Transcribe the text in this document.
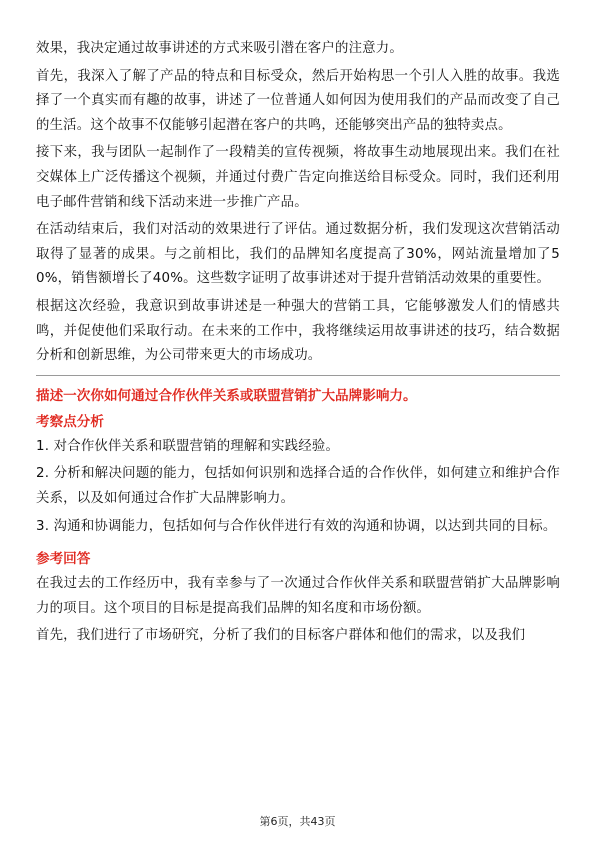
效果，我决定通过故事讲述的方式来吸引潜在客户的注意力。

首先，我深入了解了产品的特点和目标受众，然后开始构思一个引人入胜的故事。我选择了一个真实而有趣的故事，讲述了一位普通人如何因为使用我们的产品而改变了自己的生活。这个故事不仅能够引起潜在客户的共鸣，还能够突出产品的独特卖点。

接下来，我与团队一起制作了一段精美的宣传视频，将故事生动地展现出来。我们在社交媒体上广泛传播这个视频，并通过付费广告定向推送给目标受众。同时，我们还利用电子邮件营销和线下活动来进一步推广产品。

在活动结束后，我们对活动的效果进行了评估。通过数据分析，我们发现这次营销活动取得了显著的成果。与之前相比，我们的品牌知名度提高了30%，网站流量增加了50%，销售额增长了40%。这些数字证明了故事讲述对于提升营销活动效果的重要性。

根据这次经验，我意识到故事讲述是一种强大的营销工具，它能够激发人们的情感共鸣，并促使他们采取行动。在未来的工作中，我将继续运用故事讲述的技巧，结合数据分析和创新思维，为公司带来更大的市场成功。

描述一次你如何通过合作伙伴关系或联盟营销扩大品牌影响力。
考察点分析

1. 对合作伙伴关系和联盟营销的理解和实践经验。

2. 分析和解决问题的能力，包括如何识别和选择合适的合作伙伴，如何建立和维护合作关系，以及如何通过合作扩大品牌影响力。

3. 沟通和协调能力，包括如何与合作伙伴进行有效的沟通和协调，以达到共同的目标。

参考回答

在我过去的工作经历中，我有幸参与了一次通过合作伙伴关系和联盟营销扩大品牌影响力的项目。这个项目的目标是提高我们品牌的知名度和市场份额。

首先，我们进行了市场研究，分析了我们的目标客户群体和他们的需求，以及我们

第6页，共43页
